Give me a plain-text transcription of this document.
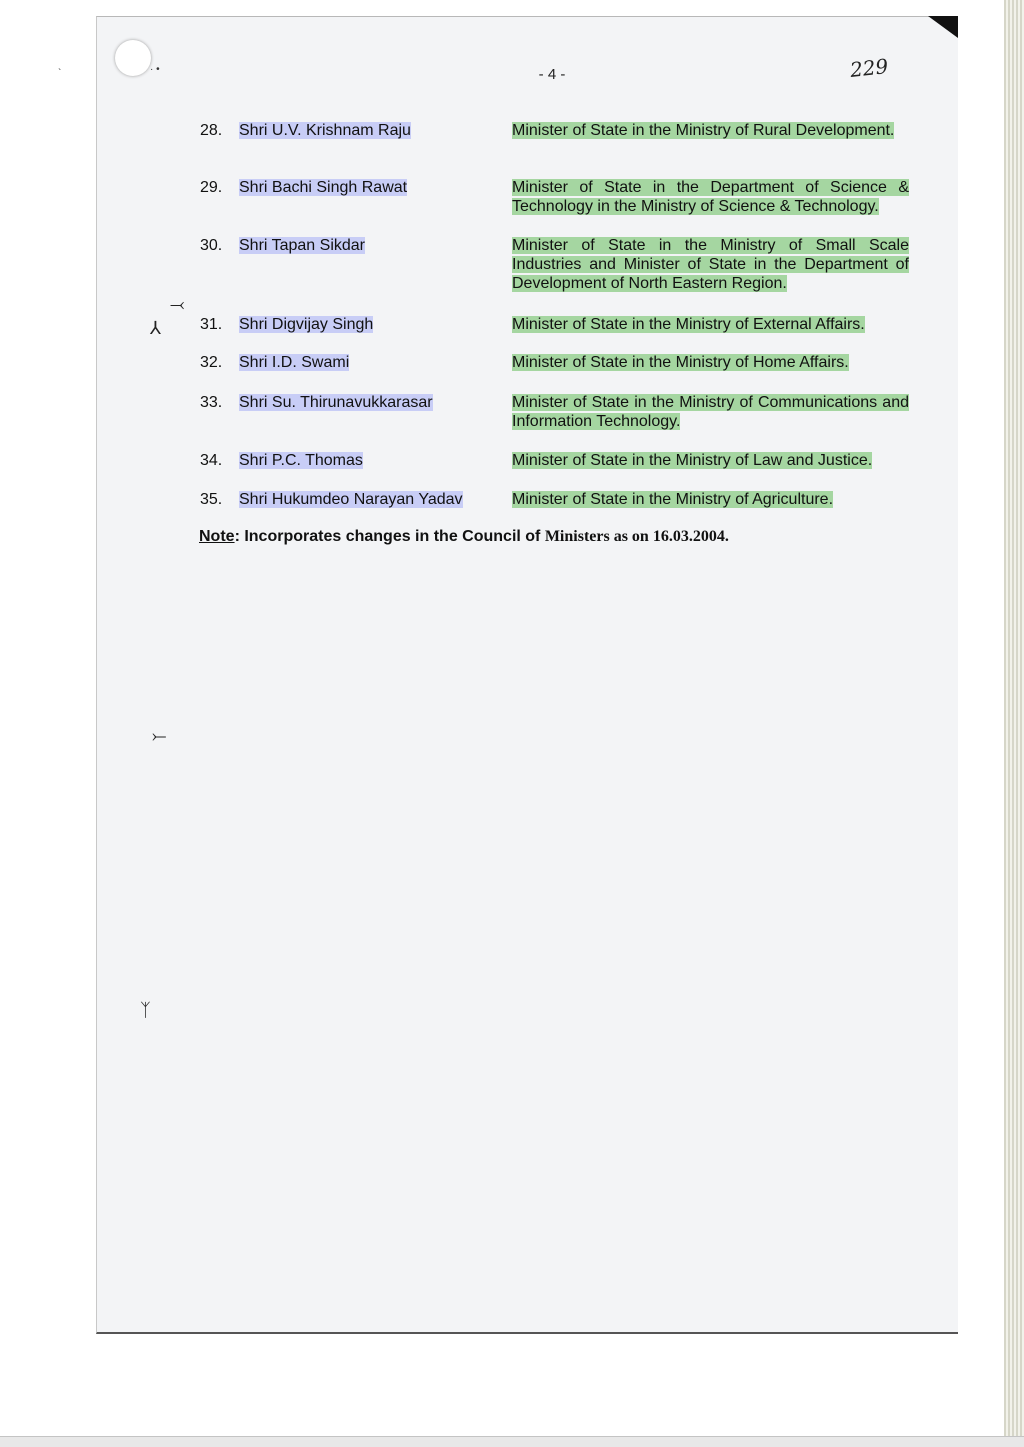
- 4 -	229
28. Shri U.V. Krishnam Raju	Minister of State in the Ministry of Rural Development.
29. Shri Bachi Singh Rawat	Minister of State in the Department of Science & Technology in the Ministry of Science & Technology.
30. Shri Tapan Sikdar	Minister of State in the Ministry of Small Scale Industries and Minister of State in the Department of Development of North Eastern Region.
31. Shri Digvijay Singh	Minister of State in the Ministry of External Affairs.
32. Shri I.D. Swami	Minister of State in the Ministry of Home Affairs.
33. Shri Su. Thirunavukkarasar	Minister of State in the Ministry of Communications and Information Technology.
34. Shri P.C. Thomas	Minister of State in the Ministry of Law and Justice.
35. Shri Hukumdeo Narayan Yadav	Minister of State in the Ministry of Agriculture.
Note: Incorporates changes in the Council of Ministers as on 16.03.2004.
⤙
⅄
⤚
ᛉ
· •
`
